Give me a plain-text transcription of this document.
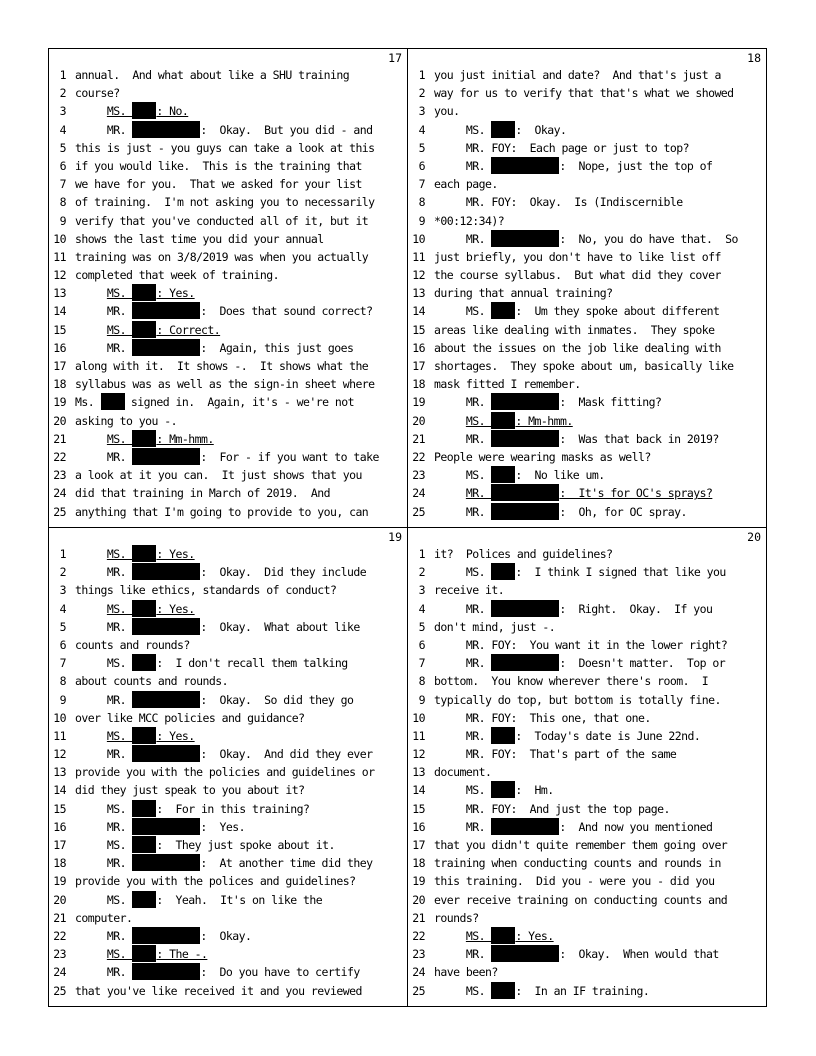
17
1 annual.  And what about like a SHU training
2 course?
3	MS. : No.
4	MR.	:  Okay.  But you did - and
5 this is just - you guys can take a look at this
6 if you would like.  This is the training that
7 we have for you.  That we asked for your list
8 of training.  I'm not asking you to necessarily
9 verify that you've conducted all of it, but it
10 shows the last time you did your annual
11 training was on 3/8/2019 was when you actually
12 completed that week of training.
13	MS. : Yes.
14	MR.	:  Does that sound correct?
15	MS. : Correct.
16	MR.	:  Again, this just goes
17 along with it.  It shows -.  It shows what the
18 syllabus was as well as the sign-in sheet where
19 Ms.  signed in.  Again, it's - we're not
20 asking to you -.
21	MS. : Mm-hmm.
22	MR.	:  For - if you want to take
23 a look at it you can.  It just shows that you
24 did that training in March of 2019.  And
25 anything that I'm going to provide to you, can
18
1 you just initial and date?  And that's just a
2 way for us to verify that that's what we showed
3 you.
4	MS. :  Okay.
5	MR. FOY:  Each page or just to top?
6	MR.	:  Nope, just the top of
7 each page.
8	MR. FOY:  Okay.  Is (Indiscernible
9 *00:12:34)?
10	MR.	:  No, you do have that.  So
11 just briefly, you don't have to like list off
12 the course syllabus.  But what did they cover
13 during that annual training?
14	MS. :  Um they spoke about different
15 areas like dealing with inmates.  They spoke
16 about the issues on the job like dealing with
17 shortages.  They spoke about um, basically like
18 mask fitted I remember.
19	MR.	:  Mask fitting?
20	MS. : Mm-hmm.
21	MR.	:  Was that back in 2019?
22 People were wearing masks as well?
23	MS. :  No like um.
24	MR.	:  It's for OC's sprays?
25	MR.	:  Oh, for OC spray.
19
1	MS. : Yes.
2	MR.	:  Okay.  Did they include
3 things like ethics, standards of conduct?
4	MS. : Yes.
5	MR.	:  Okay.  What about like
6 counts and rounds?
7	MS. :  I don't recall them talking
8 about counts and rounds.
9	MR.	:  Okay.  So did they go
10 over like MCC policies and guidance?
11	MS. : Yes.
12	MR.	:  Okay.  And did they ever
13 provide you with the policies and guidelines or
14 did they just speak to you about it?
15	MS. :  For in this training?
16	MR.	:  Yes.
17	MS. :  They just spoke about it.
18	MR.	:  At another time did they
19 provide you with the polices and guidelines?
20	MS. :  Yeah.  It's on like the
21 computer.
22	MR.	:  Okay.
23	MS. : The -.
24	MR.	:  Do you have to certify
25 that you've like received it and you reviewed
20
1 it?  Polices and guidelines?
2	MS. :  I think I signed that like you
3 receive it.
4	MR.	:  Right.  Okay.  If you
5 don't mind, just -.
6	MR. FOY:  You want it in the lower right?
7	MR.	:  Doesn't matter.  Top or
8 bottom.  You know wherever there's room.  I
9 typically do top, but bottom is totally fine.
10	MR. FOY:  This one, that one.
11	MR. :  Today's date is June 22nd.
12	MR. FOY:  That's part of the same
13 document.
14	MS. :  Hm.
15	MR. FOY:  And just the top page.
16	MR.	:  And now you mentioned
17 that you didn't quite remember them going over
18 training when conducting counts and rounds in
19 this training.  Did you - were you - did you
20 ever receive training on conducting counts and
21 rounds?
22	MS. : Yes.
23	MR.	:  Okay.  When would that
24 have been?
25	MS. :  In an IF training.
